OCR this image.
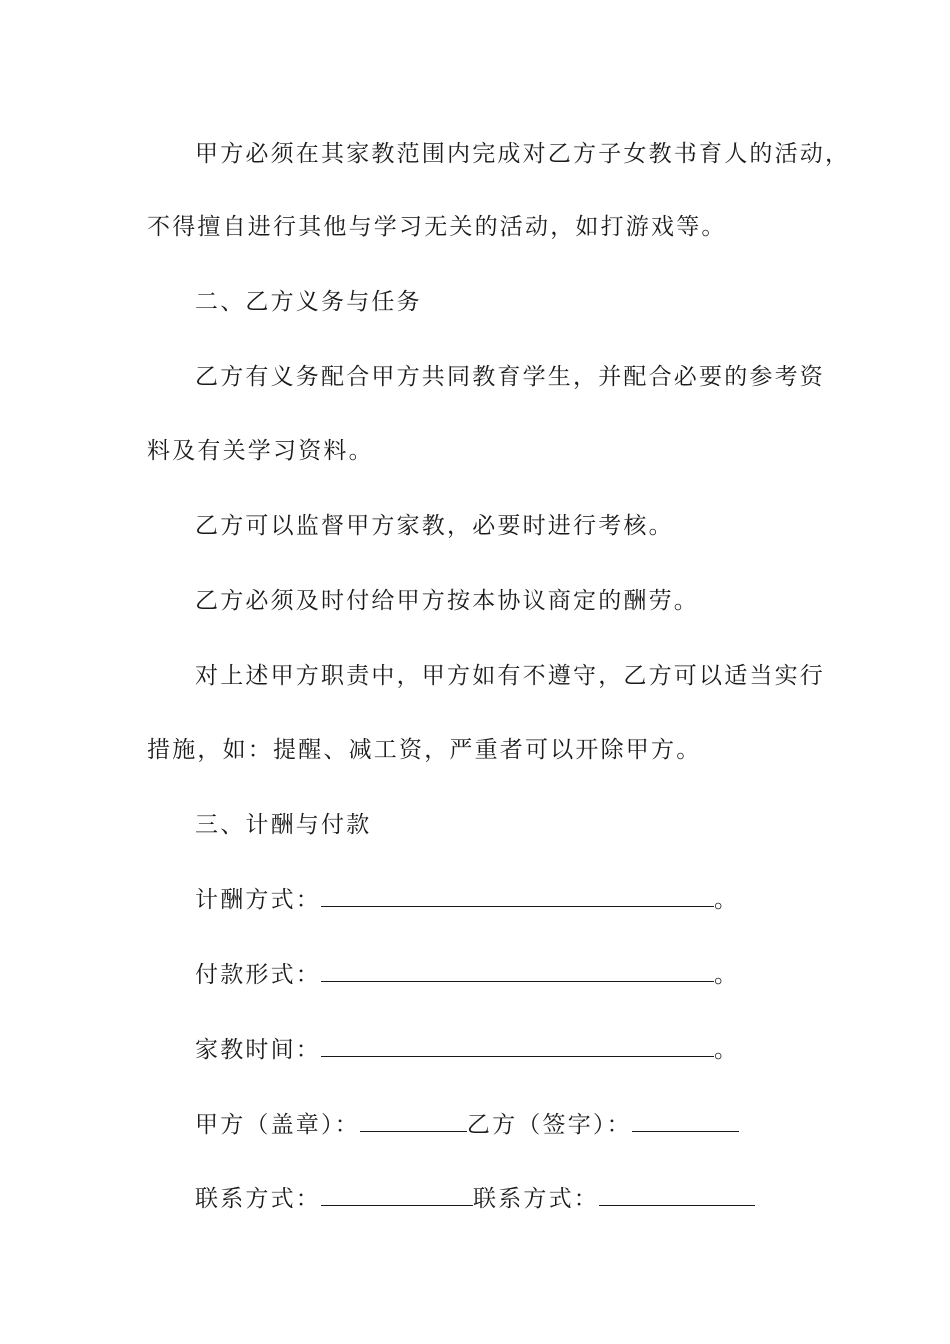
甲方必须在其家教范围内完成对乙方子女教书育人的活动，
不得擅自进行其他与学习无关的活动，如打游戏等。
二、乙方义务与任务
乙方有义务配合甲方共同教育学生，并配合必要的参考资
料及有关学习资料。
乙方可以监督甲方家教，必要时进行考核。
乙方必须及时付给甲方按本协议商定的酬劳。
对上述甲方职责中，甲方如有不遵守，乙方可以适当实行
措施，如：提醒、减工资，严重者可以开除甲方。
三、计酬与付款
计酬方式：	。
付款形式：	。
家教时间：	。
甲方（盖章）：	乙方（签字）：
联系方式：	联系方式：
